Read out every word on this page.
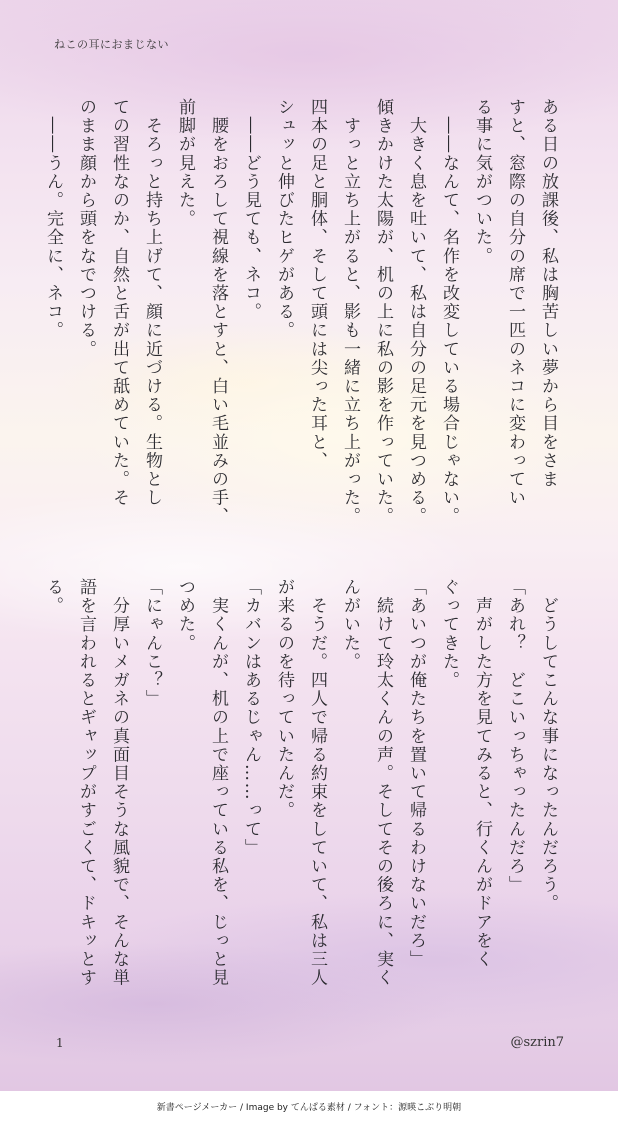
ねこの耳におまじない
ある日の放課後、私は胸苦しい夢から目をさま
すと、窓際の自分の席で一匹のネコに変わってい
る事に気がついた。
　――なんて、名作を改変している場合じゃない。
　大きく息を吐いて、私は自分の足元を見つめる。
傾きかけた太陽が、机の上に私の影を作っていた。
　すっと立ち上がると、影も一緒に立ち上がった。
四本の足と胴体、そして頭には尖った耳と、
シュッと伸びたヒゲがある。
　――どう見ても、ネコ。
　腰をおろして視線を落とすと、白い毛並みの手、
前脚が見えた。
　そろっと持ち上げて、顔に近づける。生物とし
ての習性なのか、自然と舌が出て舐めていた。そ
のまま顔から頭をなでつける。
　――うん。完全に、ネコ。
　どうしてこんな事になったんだろう。
「あれ？　どこいっちゃったんだろ」
　声がした方を見てみると、行くんがドアをく
ぐってきた。
「あいつが俺たちを置いて帰るわけないだろ」
　続けて玲太くんの声。そしてその後ろに、実く
んがいた。
　そうだ。四人で帰る約束をしていて、私は三人
が来るのを待っていたんだ。
「カバンはあるじゃん……って」
　実くんが、机の上で座っている私を、じっと見
つめた。
「にゃんこ？」
　分厚いメガネの真面目そうな風貌で、そんな単
語を言われるとギャップがすごくて、ドキッとす
る。
1	@szrin7
新書ページメーカー / Image by てんぱる素材 / フォント：源暎こぶり明朝
